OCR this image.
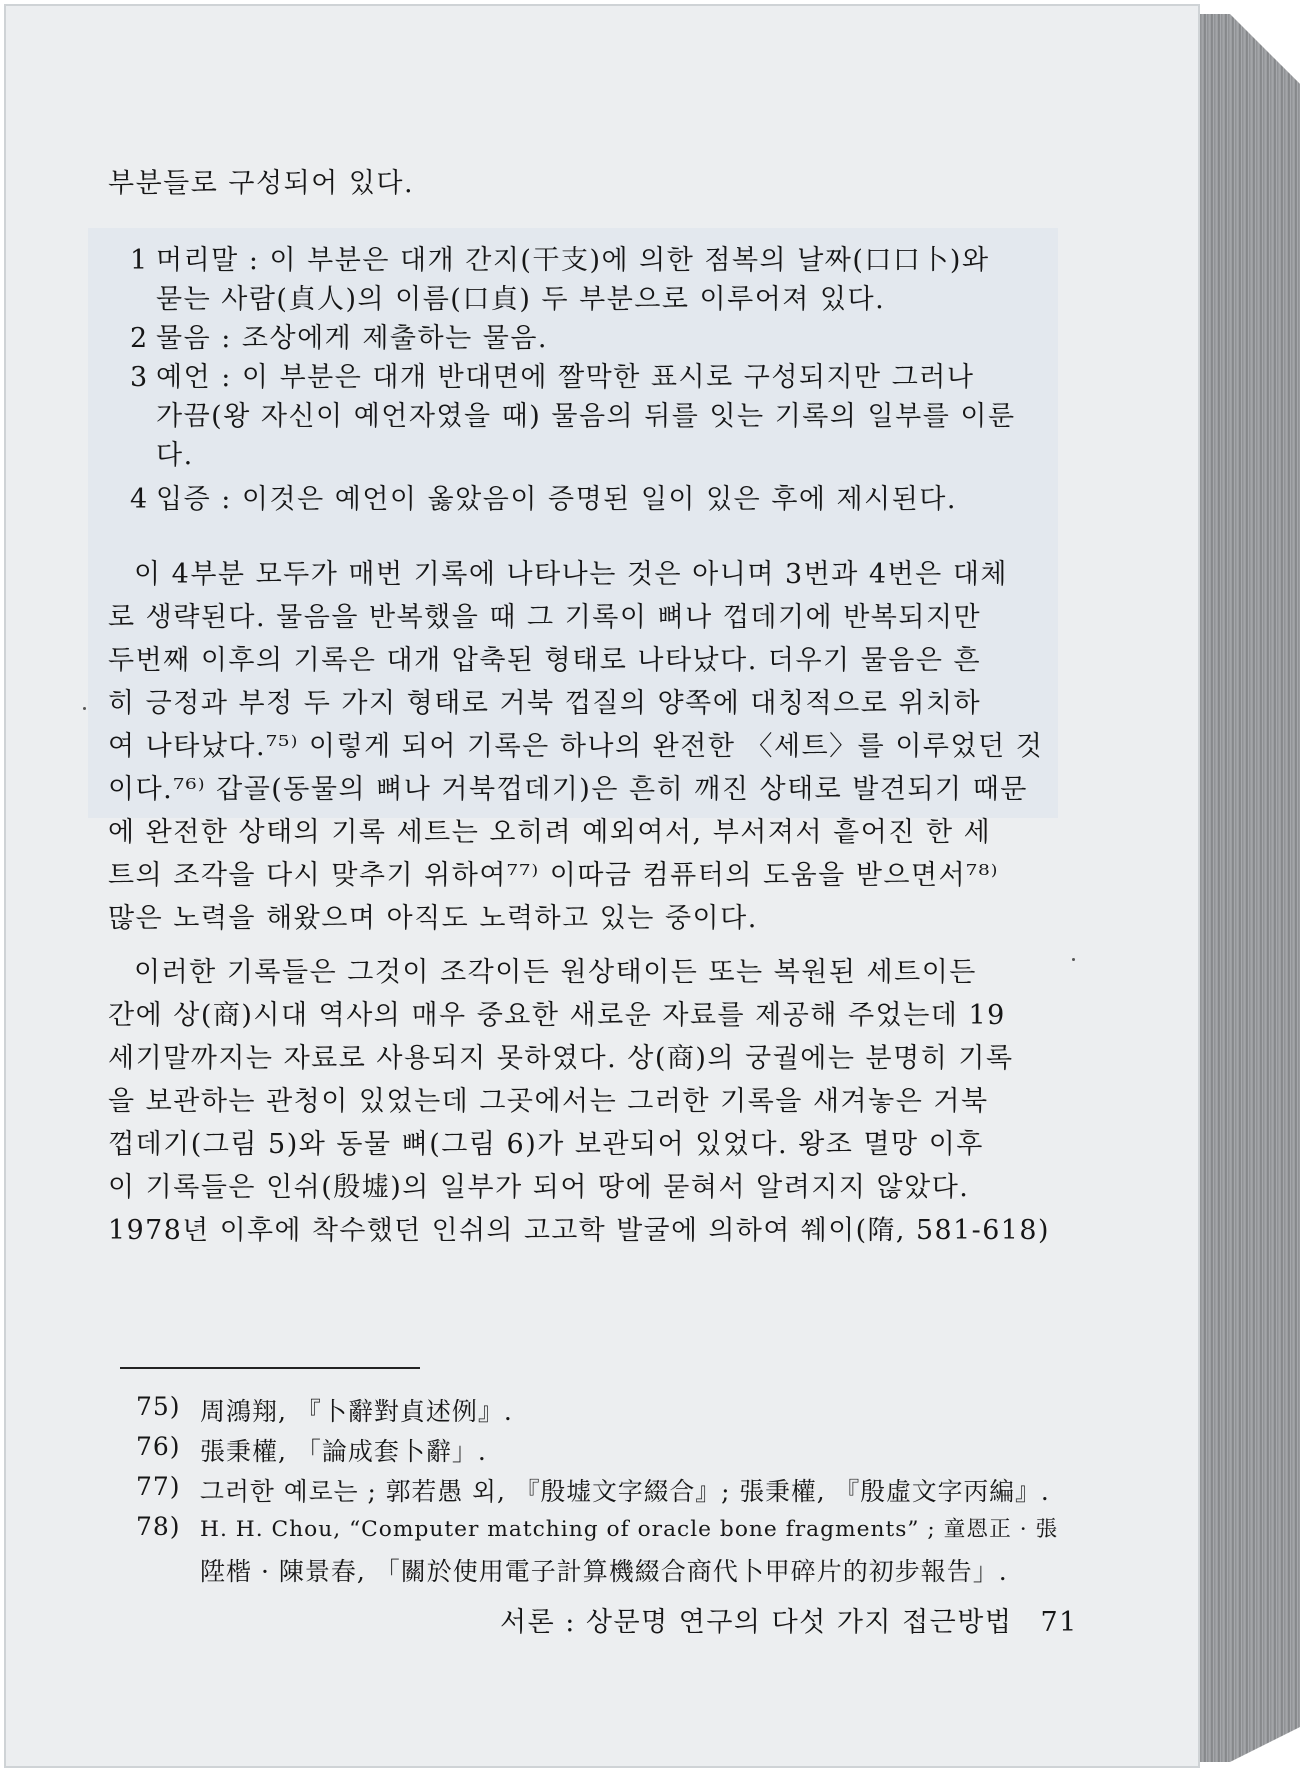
부분들로 구성되어 있다.
1 머리말 : 이 부분은 대개 간지(干支)에 의한 점복의 날짜(口口卜)와
묻는 사람(貞人)의 이름(口貞) 두 부분으로 이루어져 있다.
2 물음 : 조상에게 제출하는 물음.
3 예언 : 이 부분은 대개 반대면에 짤막한 표시로 구성되지만 그러나
가끔(왕 자신이 예언자였을 때) 물음의 뒤를 잇는 기록의 일부를 이룬
다.
4 입증 : 이것은 예언이 옳았음이 증명된 일이 있은 후에 제시된다.
이 4부분 모두가 매번 기록에 나타나는 것은 아니며 3번과 4번은 대체
로 생략된다. 물음을 반복했을 때 그 기록이 뼈나 껍데기에 반복되지만
두번째 이후의 기록은 대개 압축된 형태로 나타났다. 더우기 물음은 흔
히 긍정과 부정 두 가지 형태로 거북 껍질의 양쪽에 대칭적으로 위치하
여 나타났다.⁷⁵⁾ 이렇게 되어 기록은 하나의 완전한 〈세트〉를 이루었던 것
이다.⁷⁶⁾ 갑골(동물의 뼈나 거북껍데기)은 흔히 깨진 상태로 발견되기 때문
에 완전한 상태의 기록 세트는 오히려 예외여서, 부서져서 흩어진 한 세
트의 조각을 다시 맞추기 위하여⁷⁷⁾ 이따금 컴퓨터의 도움을 받으면서⁷⁸⁾
많은 노력을 해왔으며 아직도 노력하고 있는 중이다.
이러한 기록들은 그것이 조각이든 원상태이든 또는 복원된 세트이든
간에 상(商)시대 역사의 매우 중요한 새로운 자료를 제공해 주었는데 19
세기말까지는 자료로 사용되지 못하였다. 상(商)의 궁궐에는 분명히 기록
을 보관하는 관청이 있었는데 그곳에서는 그러한 기록을 새겨놓은 거북
껍데기(그림 5)와 동물 뼈(그림 6)가 보관되어 있었다. 왕조 멸망 이후
이 기록들은 인쉬(殷墟)의 일부가 되어 땅에 묻혀서 알려지지 않았다.
1978년 이후에 착수했던 인쉬의 고고학 발굴에 의하여 쒜이(隋, 581-618)
75) 周鴻翔, 『卜辭對貞述例』.
76) 張秉權, 「論成套卜辭」.
77) 그러한 예로는 ; 郭若愚 외, 『殷墟文字綴合』; 張秉權, 『殷虛文字丙編』.
78) H. H. Chou, “Computer matching of oracle bone fragments” ; 童恩正 · 張
陞楷 · 陳景春, 「關於使用電子計算機綴合商代卜甲碎片的初步報告」.
서론 : 상문명 연구의 다섯 가지 접근방법 71
